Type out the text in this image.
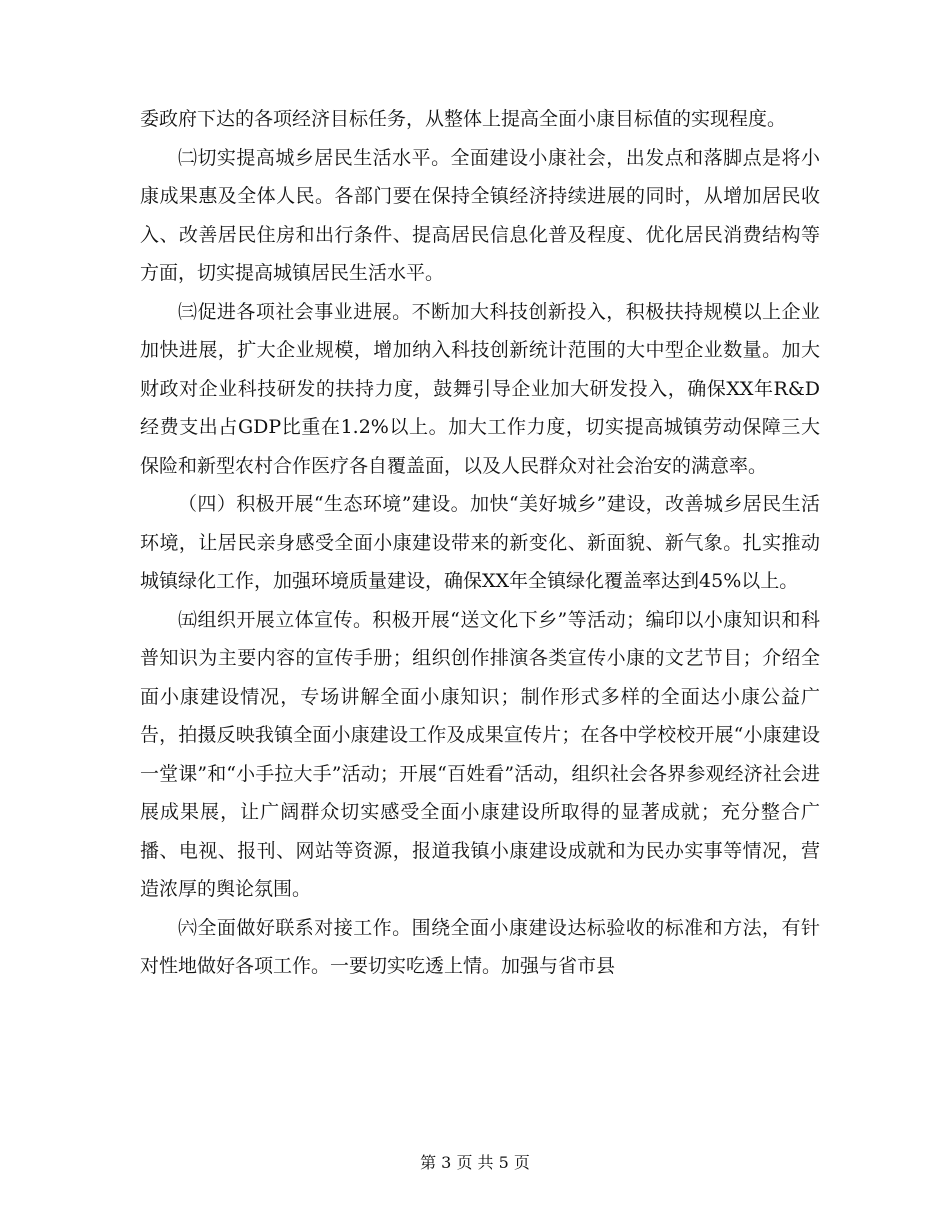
委政府下达的各项经济目标任务，从整体上提高全面小康目标值的实现程度。

㈡切实提高城乡居民生活水平。全面建设小康社会，出发点和落脚点是将小康成果惠及全体人民。各部门要在保持全镇经济持续进展的同时，从增加居民收入、改善居民住房和出行条件、提高居民信息化普及程度、优化居民消费结构等方面，切实提高城镇居民生活水平。

㈢促进各项社会事业进展。不断加大科技创新投入，积极扶持规模以上企业加快进展，扩大企业规模，增加纳入科技创新统计范围的大中型企业数量。加大财政对企业科技研发的扶持力度，鼓舞引导企业加大研发投入，确保XX年R&D经费支出占GDP比重在1.2%以上。加大工作力度，切实提高城镇劳动保障三大保险和新型农村合作医疗各自覆盖面，以及人民群众对社会治安的满意率。

（四）积极开展“生态环境”建设。加快“美好城乡”建设，改善城乡居民生活环境，让居民亲身感受全面小康建设带来的新变化、新面貌、新气象。扎实推动城镇绿化工作，加强环境质量建设，确保XX年全镇绿化覆盖率达到45%以上。

㈤组织开展立体宣传。积极开展“送文化下乡”等活动；编印以小康知识和科普知识为主要内容的宣传手册；组织创作排演各类宣传小康的文艺节目；介绍全面小康建设情况，专场讲解全面小康知识；制作形式多样的全面达小康公益广告，拍摄反映我镇全面小康建设工作及成果宣传片；在各中学校校开展“小康建设一堂课”和“小手拉大手”活动；开展“百姓看”活动，组织社会各界参观经济社会进展成果展，让广阔群众切实感受全面小康建设所取得的显著成就；充分整合广播、电视、报刊、网站等资源，报道我镇小康建设成就和为民办实事等情况，营造浓厚的舆论氛围。

㈥全面做好联系对接工作。围绕全面小康建设达标验收的标准和方法，有针对性地做好各项工作。一要切实吃透上情。加强与省市县

第 3 页 共 5 页
